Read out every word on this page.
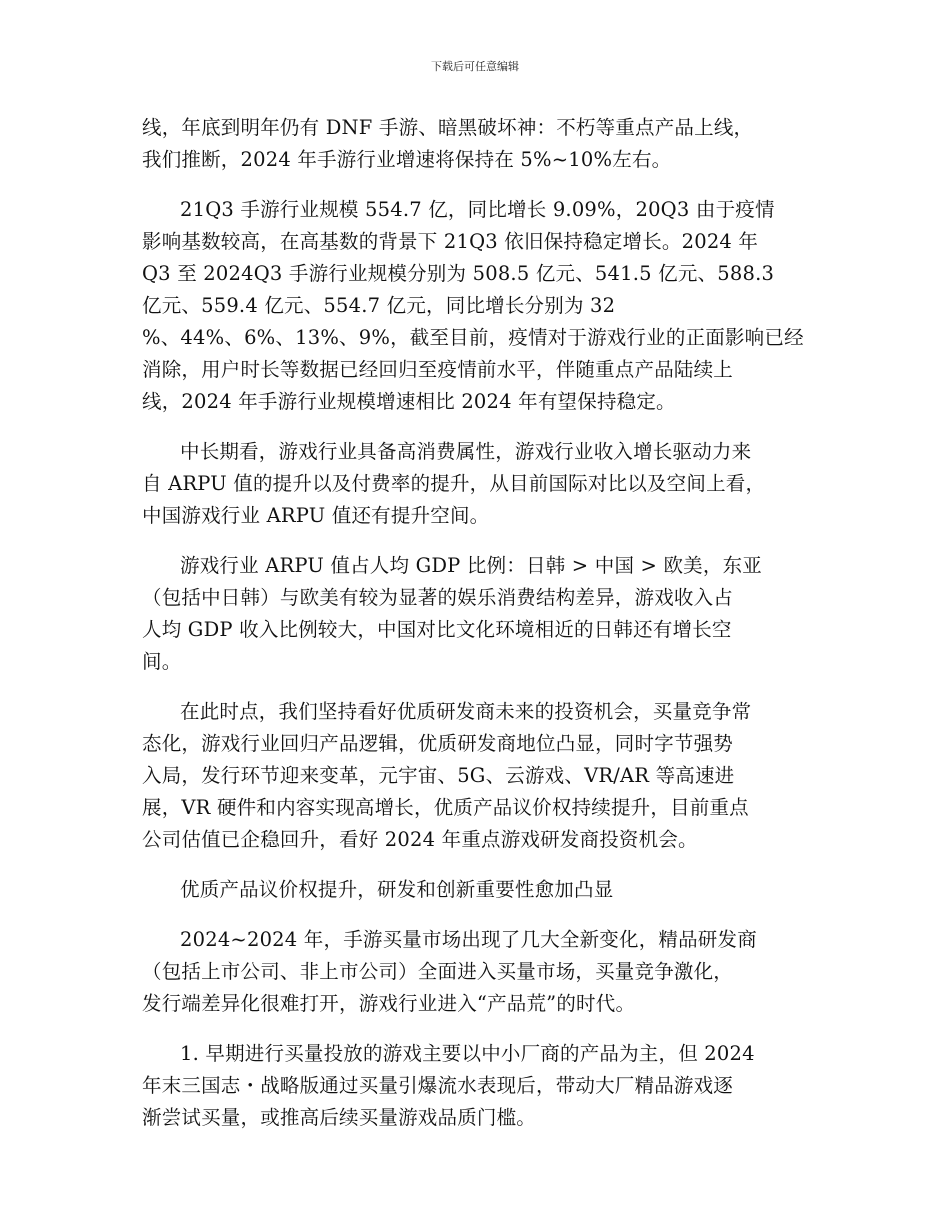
下载后可任意编辑

线，年底到明年仍有 DNF 手游、暗黑破坏神：不朽等重点产品上线，
我们推断，2024 年手游行业增速将保持在 5%~10%左右。

21Q3 手游行业规模 554.7 亿，同比增长 9.09%，20Q3 由于疫情
影响基数较高，在高基数的背景下 21Q3 依旧保持稳定增长。2024 年
Q3 至 2024Q3 手游行业规模分别为 508.5 亿元、541.5 亿元、588.3
亿元、559.4 亿元、554.7 亿元，同比增长分别为 32
%、44%、6%、13%、9%，截至目前，疫情对于游戏行业的正面影响已经
消除，用户时长等数据已经回归至疫情前水平，伴随重点产品陆续上
线，2024 年手游行业规模增速相比 2024 年有望保持稳定。

中长期看，游戏行业具备高消费属性，游戏行业收入增长驱动力来
自 ARPU 值的提升以及付费率的提升，从目前国际对比以及空间上看，
中国游戏行业 ARPU 值还有提升空间。

游戏行业 ARPU 值占人均 GDP 比例：日韩 > 中国 > 欧美，东亚
（包括中日韩）与欧美有较为显著的娱乐消费结构差异，游戏收入占
人均 GDP 收入比例较大，中国对比文化环境相近的日韩还有增长空
间。

在此时点，我们坚持看好优质研发商未来的投资机会，买量竞争常
态化，游戏行业回归产品逻辑，优质研发商地位凸显，同时字节强势
入局，发行环节迎来变革，元宇宙、5G、云游戏、VR/AR 等高速进
展，VR 硬件和内容实现高增长，优质产品议价权持续提升，目前重点
公司估值已企稳回升，看好 2024 年重点游戏研发商投资机会。

优质产品议价权提升，研发和创新重要性愈加凸显

2024~2024 年，手游买量市场出现了几大全新变化，精品研发商
（包括上市公司、非上市公司）全面进入买量市场，买量竞争激化，
发行端差异化很难打开，游戏行业进入“产品荒”的时代。

1. 早期进行买量投放的游戏主要以中小厂商的产品为主，但 2024
年末三国志・战略版通过买量引爆流水表现后，带动大厂精品游戏逐
渐尝试买量，或推高后续买量游戏品质门槛。
